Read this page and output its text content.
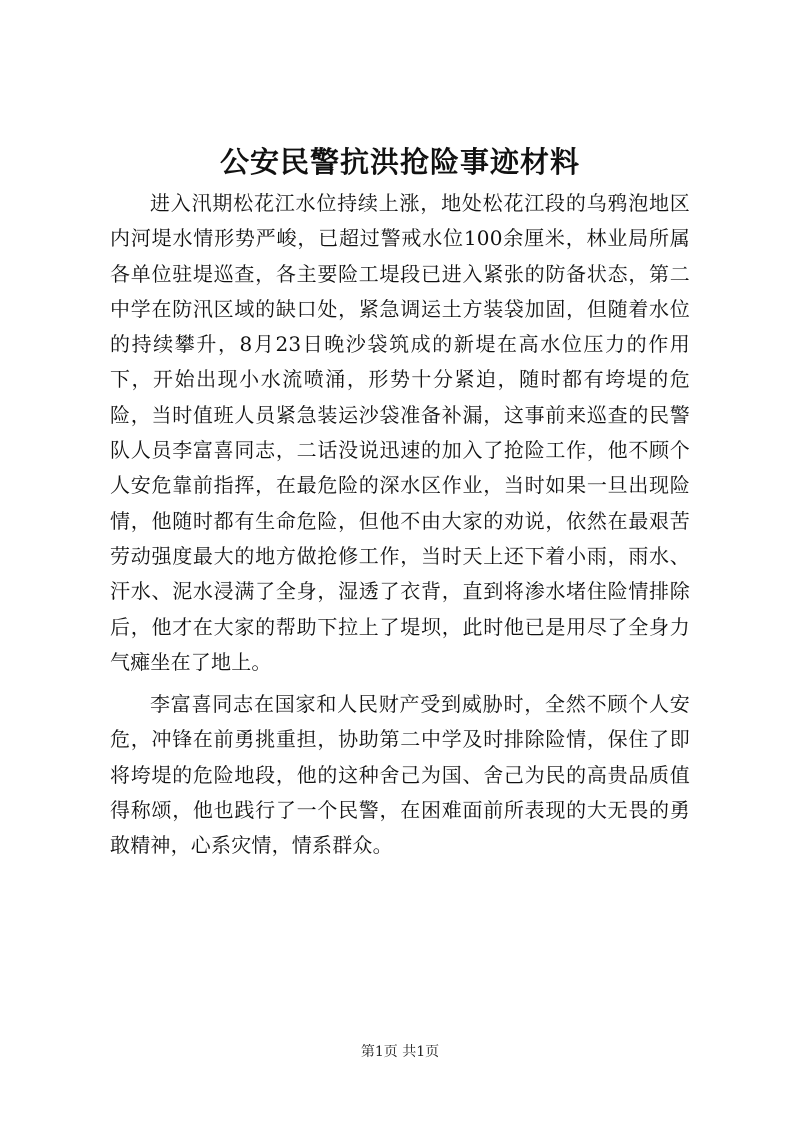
公安民警抗洪抢险事迹材料

进入汛期松花江水位持续上涨，地处松花江段的乌鸦泡地区内河堤水情形势严峻，已超过警戒水位100余厘米，林业局所属各单位驻堤巡查，各主要险工堤段已进入紧张的防备状态，第二中学在防汛区域的缺口处，紧急调运土方装袋加固，但随着水位的持续攀升，8月23日晚沙袋筑成的新堤在高水位压力的作用下，开始出现小水流喷涌，形势十分紧迫，随时都有垮堤的危险，当时值班人员紧急装运沙袋准备补漏，这事前来巡查的民警队人员李富喜同志，二话没说迅速的加入了抢险工作，他不顾个人安危靠前指挥，在最危险的深水区作业，当时如果一旦出现险情，他随时都有生命危险，但他不由大家的劝说，依然在最艰苦劳动强度最大的地方做抢修工作，当时天上还下着小雨，雨水、汗水、泥水浸满了全身，湿透了衣背，直到将渗水堵住险情排除后，他才在大家的帮助下拉上了堤坝，此时他已是用尽了全身力气瘫坐在了地上。

李富喜同志在国家和人民财产受到威胁时，全然不顾个人安危，冲锋在前勇挑重担，协助第二中学及时排除险情，保住了即将垮堤的危险地段，他的这种舍己为国、舍己为民的高贵品质值得称颂，他也践行了一个民警，在困难面前所表现的大无畏的勇敢精神，心系灾情，情系群众。

第1页 共1页
